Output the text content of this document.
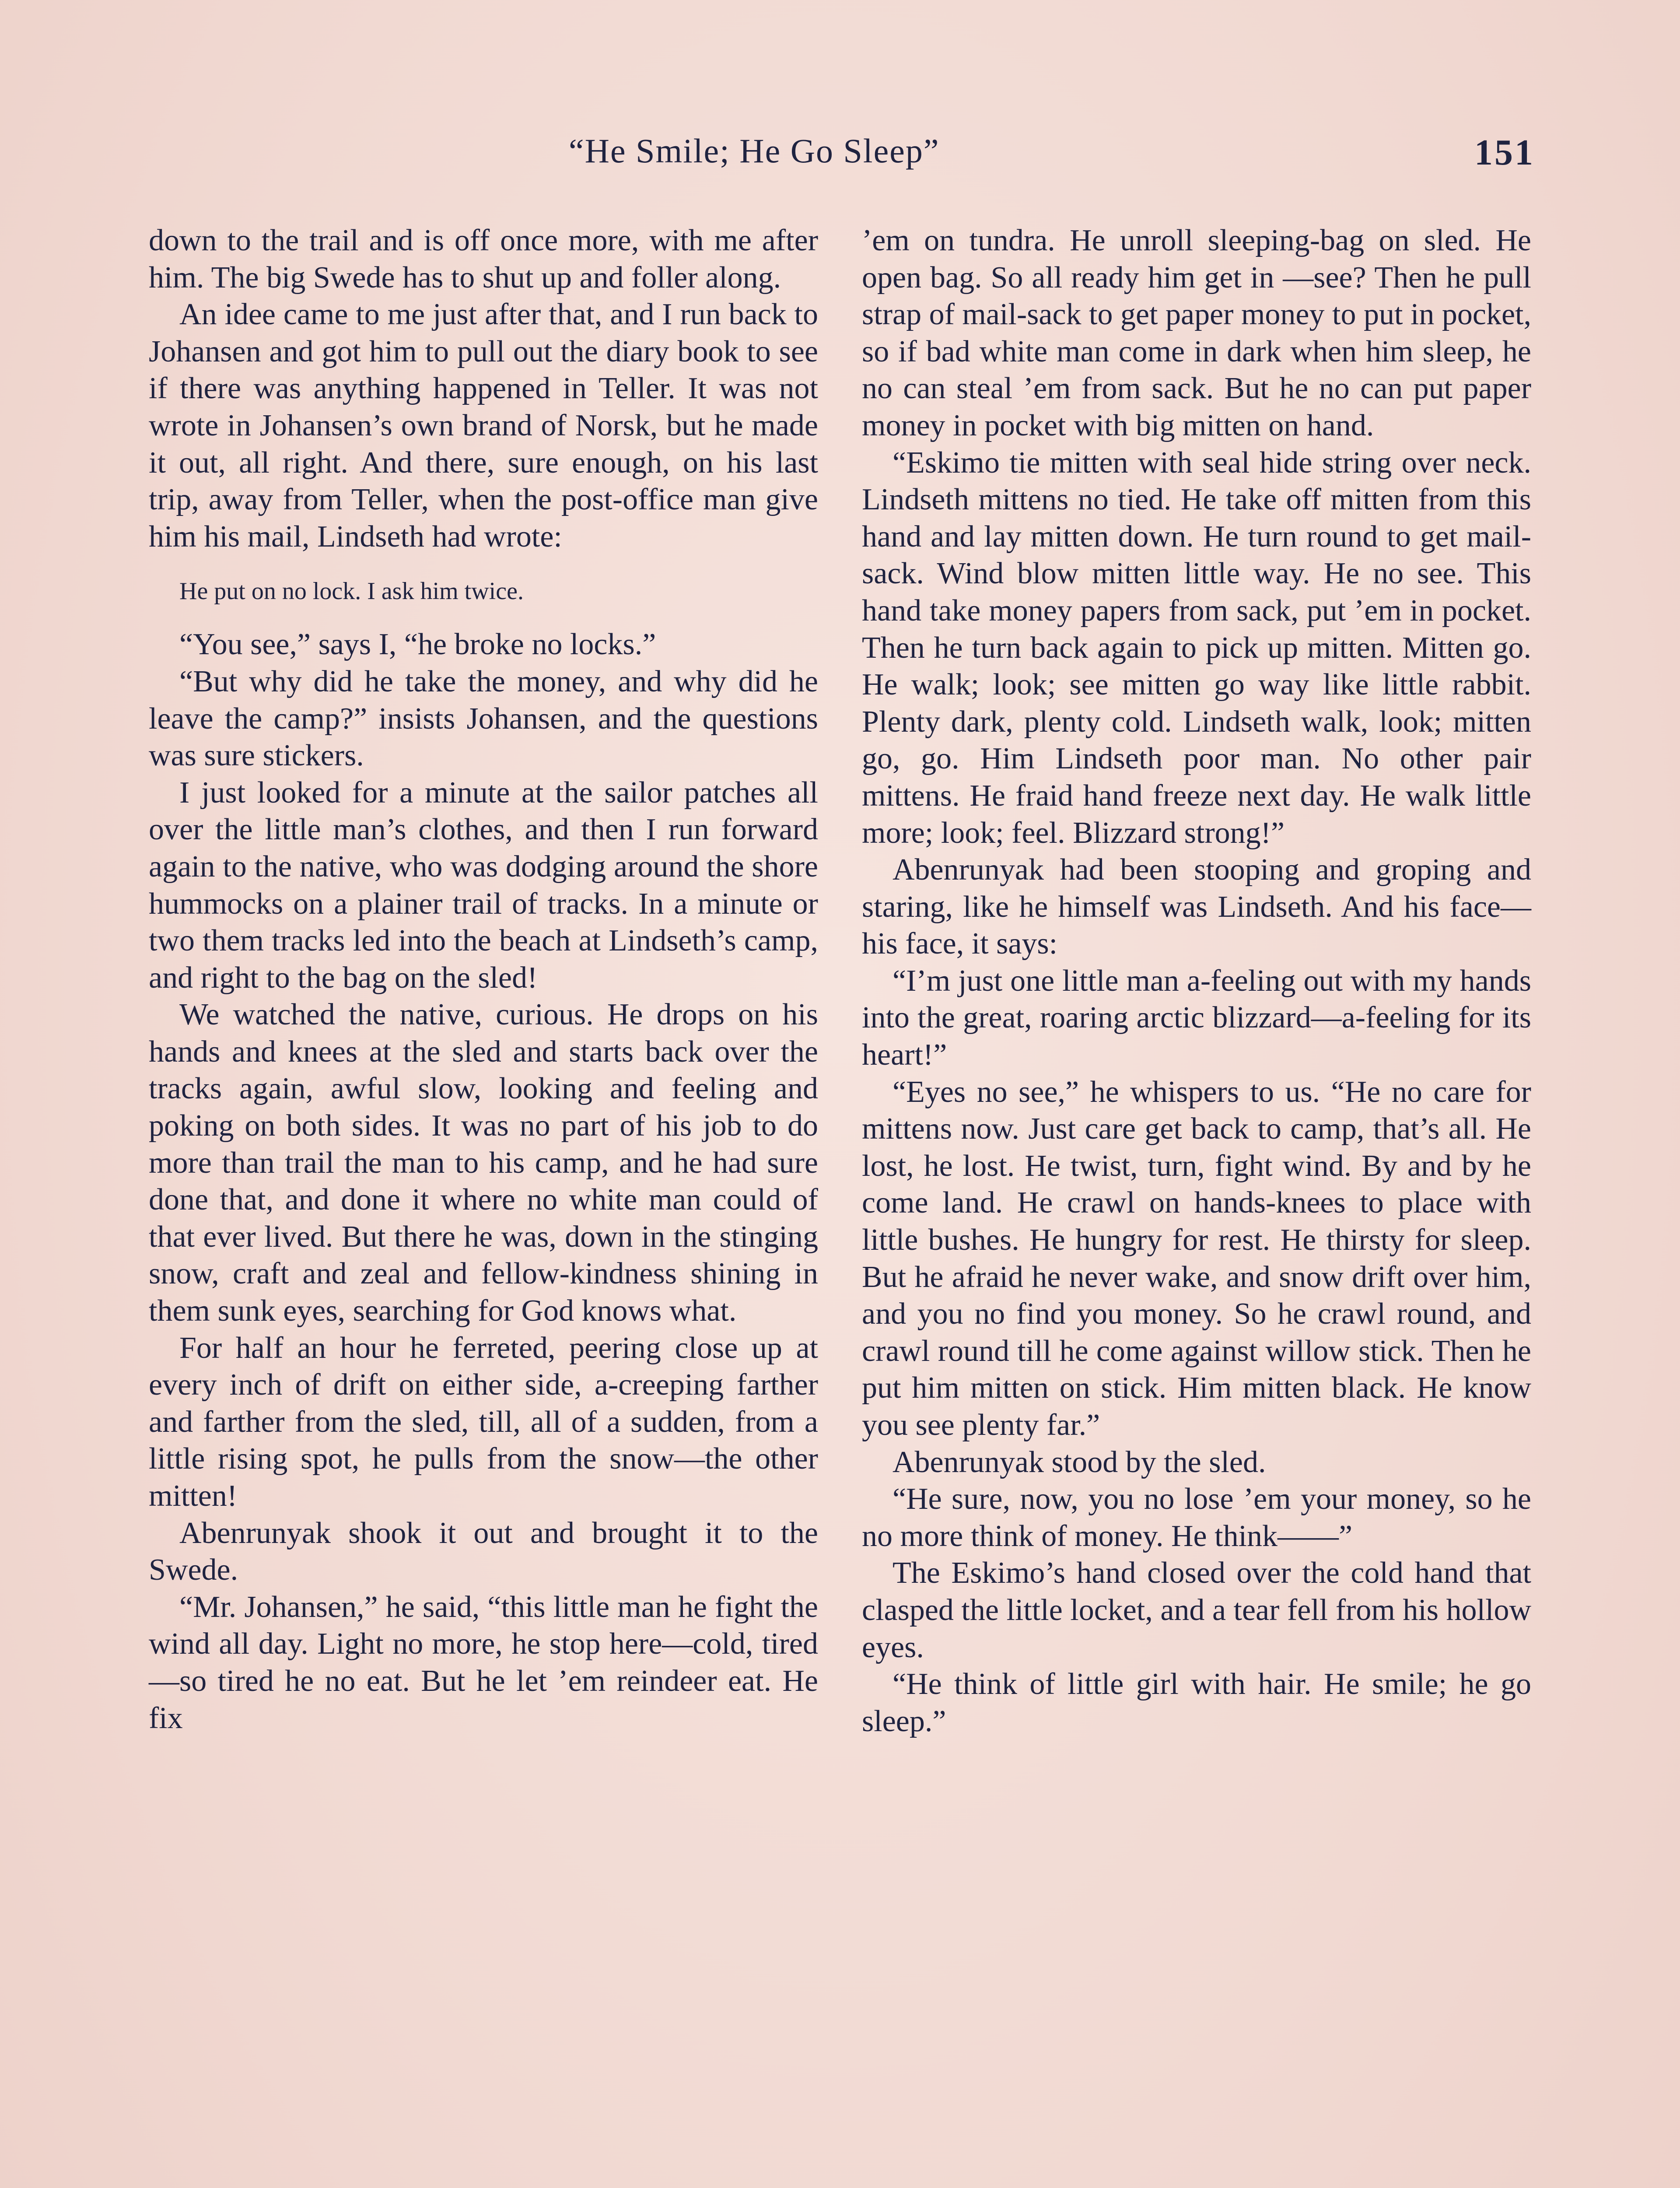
“He Smile; He Go Sleep”	151

down to the trail and is off once more, with me after him. The big Swede has to shut up and foller along.

An idee came to me just after that, and I run back to Johansen and got him to pull out the diary book to see if there was anything happened in Teller. It was not wrote in Johansen’s own brand of Norsk, but he made it out, all right. And there, sure enough, on his last trip, away from Teller, when the post-office man give him his mail, Lindseth had wrote:

He put on no lock. I ask him twice.

“You see,” says I, “he broke no locks.”

“But why did he take the money, and why did he leave the camp?” insists Johansen, and the questions was sure stickers.

I just looked for a minute at the sailor patches all over the little man’s clothes, and then I run forward again to the native, who was dodging around the shore hummocks on a plainer trail of tracks. In a minute or two them tracks led into the beach at Lindseth’s camp, and right to the bag on the sled!

We watched the native, curious. He drops on his hands and knees at the sled and starts back over the tracks again, awful slow, looking and feeling and poking on both sides. It was no part of his job to do more than trail the man to his camp, and he had sure done that, and done it where no white man could of that ever lived. But there he was, down in the stinging snow, craft and zeal and fellow-kindness shining in them sunk eyes, searching for God knows what.

For half an hour he ferreted, peering close up at every inch of drift on either side, a-creeping farther and farther from the sled, till, all of a sudden, from a little rising spot, he pulls from the snow—the other mitten!

Abenrunyak shook it out and brought it to the Swede.

“Mr. Johansen,” he said, “this little man he fight the wind all day. Light no more, he stop here—cold, tired—so tired he no eat. But he let ’em reindeer eat. He fix

’em on tundra. He unroll sleeping-bag on sled. He open bag. So all ready him get in —see? Then he pull strap of mail-sack to get paper money to put in pocket, so if bad white man come in dark when him sleep, he no can steal ’em from sack. But he no can put paper money in pocket with big mitten on hand.

“Eskimo tie mitten with seal hide string over neck. Lindseth mittens no tied. He take off mitten from this hand and lay mitten down. He turn round to get mail-sack. Wind blow mitten little way. He no see. This hand take money papers from sack, put ’em in pocket. Then he turn back again to pick up mitten. Mitten go. He walk; look; see mitten go way like little rabbit. Plenty dark, plenty cold. Lindseth walk, look; mitten go, go. Him Lindseth poor man. No other pair mittens. He fraid hand freeze next day. He walk little more; look; feel. Blizzard strong!”

Abenrunyak had been stooping and groping and staring, like he himself was Lindseth. And his face—his face, it says:

“I’m just one little man a-feeling out with my hands into the great, roaring arctic blizzard—a-feeling for its heart!”

“Eyes no see,” he whispers to us. “He no care for mittens now. Just care get back to camp, that’s all. He lost, he lost. He twist, turn, fight wind. By and by he come land. He crawl on hands-knees to place with little bushes. He hungry for rest. He thirsty for sleep. But he afraid he never wake, and snow drift over him, and you no find you money. So he crawl round, and crawl round till he come against willow stick. Then he put him mitten on stick. Him mitten black. He know you see plenty far.”

Abenrunyak stood by the sled.

“He sure, now, you no lose ’em your money, so he no more think of money. He think——”

The Eskimo’s hand closed over the cold hand that clasped the little locket, and a tear fell from his hollow eyes.

“He think of little girl with hair. He smile; he go sleep.”
